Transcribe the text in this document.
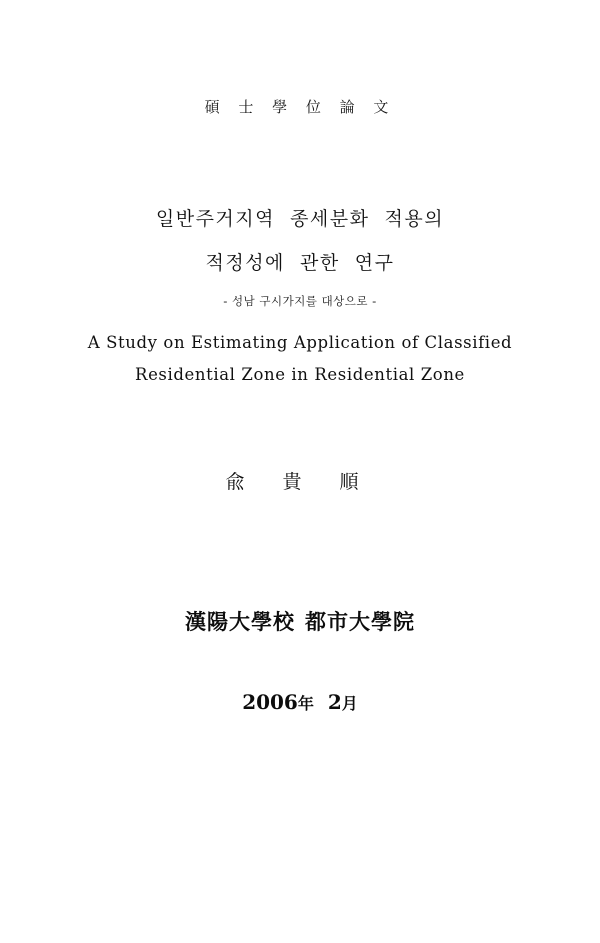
碩 士 學 位 論 文
일반주거지역  종세분화  적용의
적정성에  관한  연구
- 성남 구시가지를 대상으로 -
A Study on Estimating Application of Classified
Residential Zone in Residential Zone
兪 貴 順
漢陽大學校 都市大學院
2006年 2月
